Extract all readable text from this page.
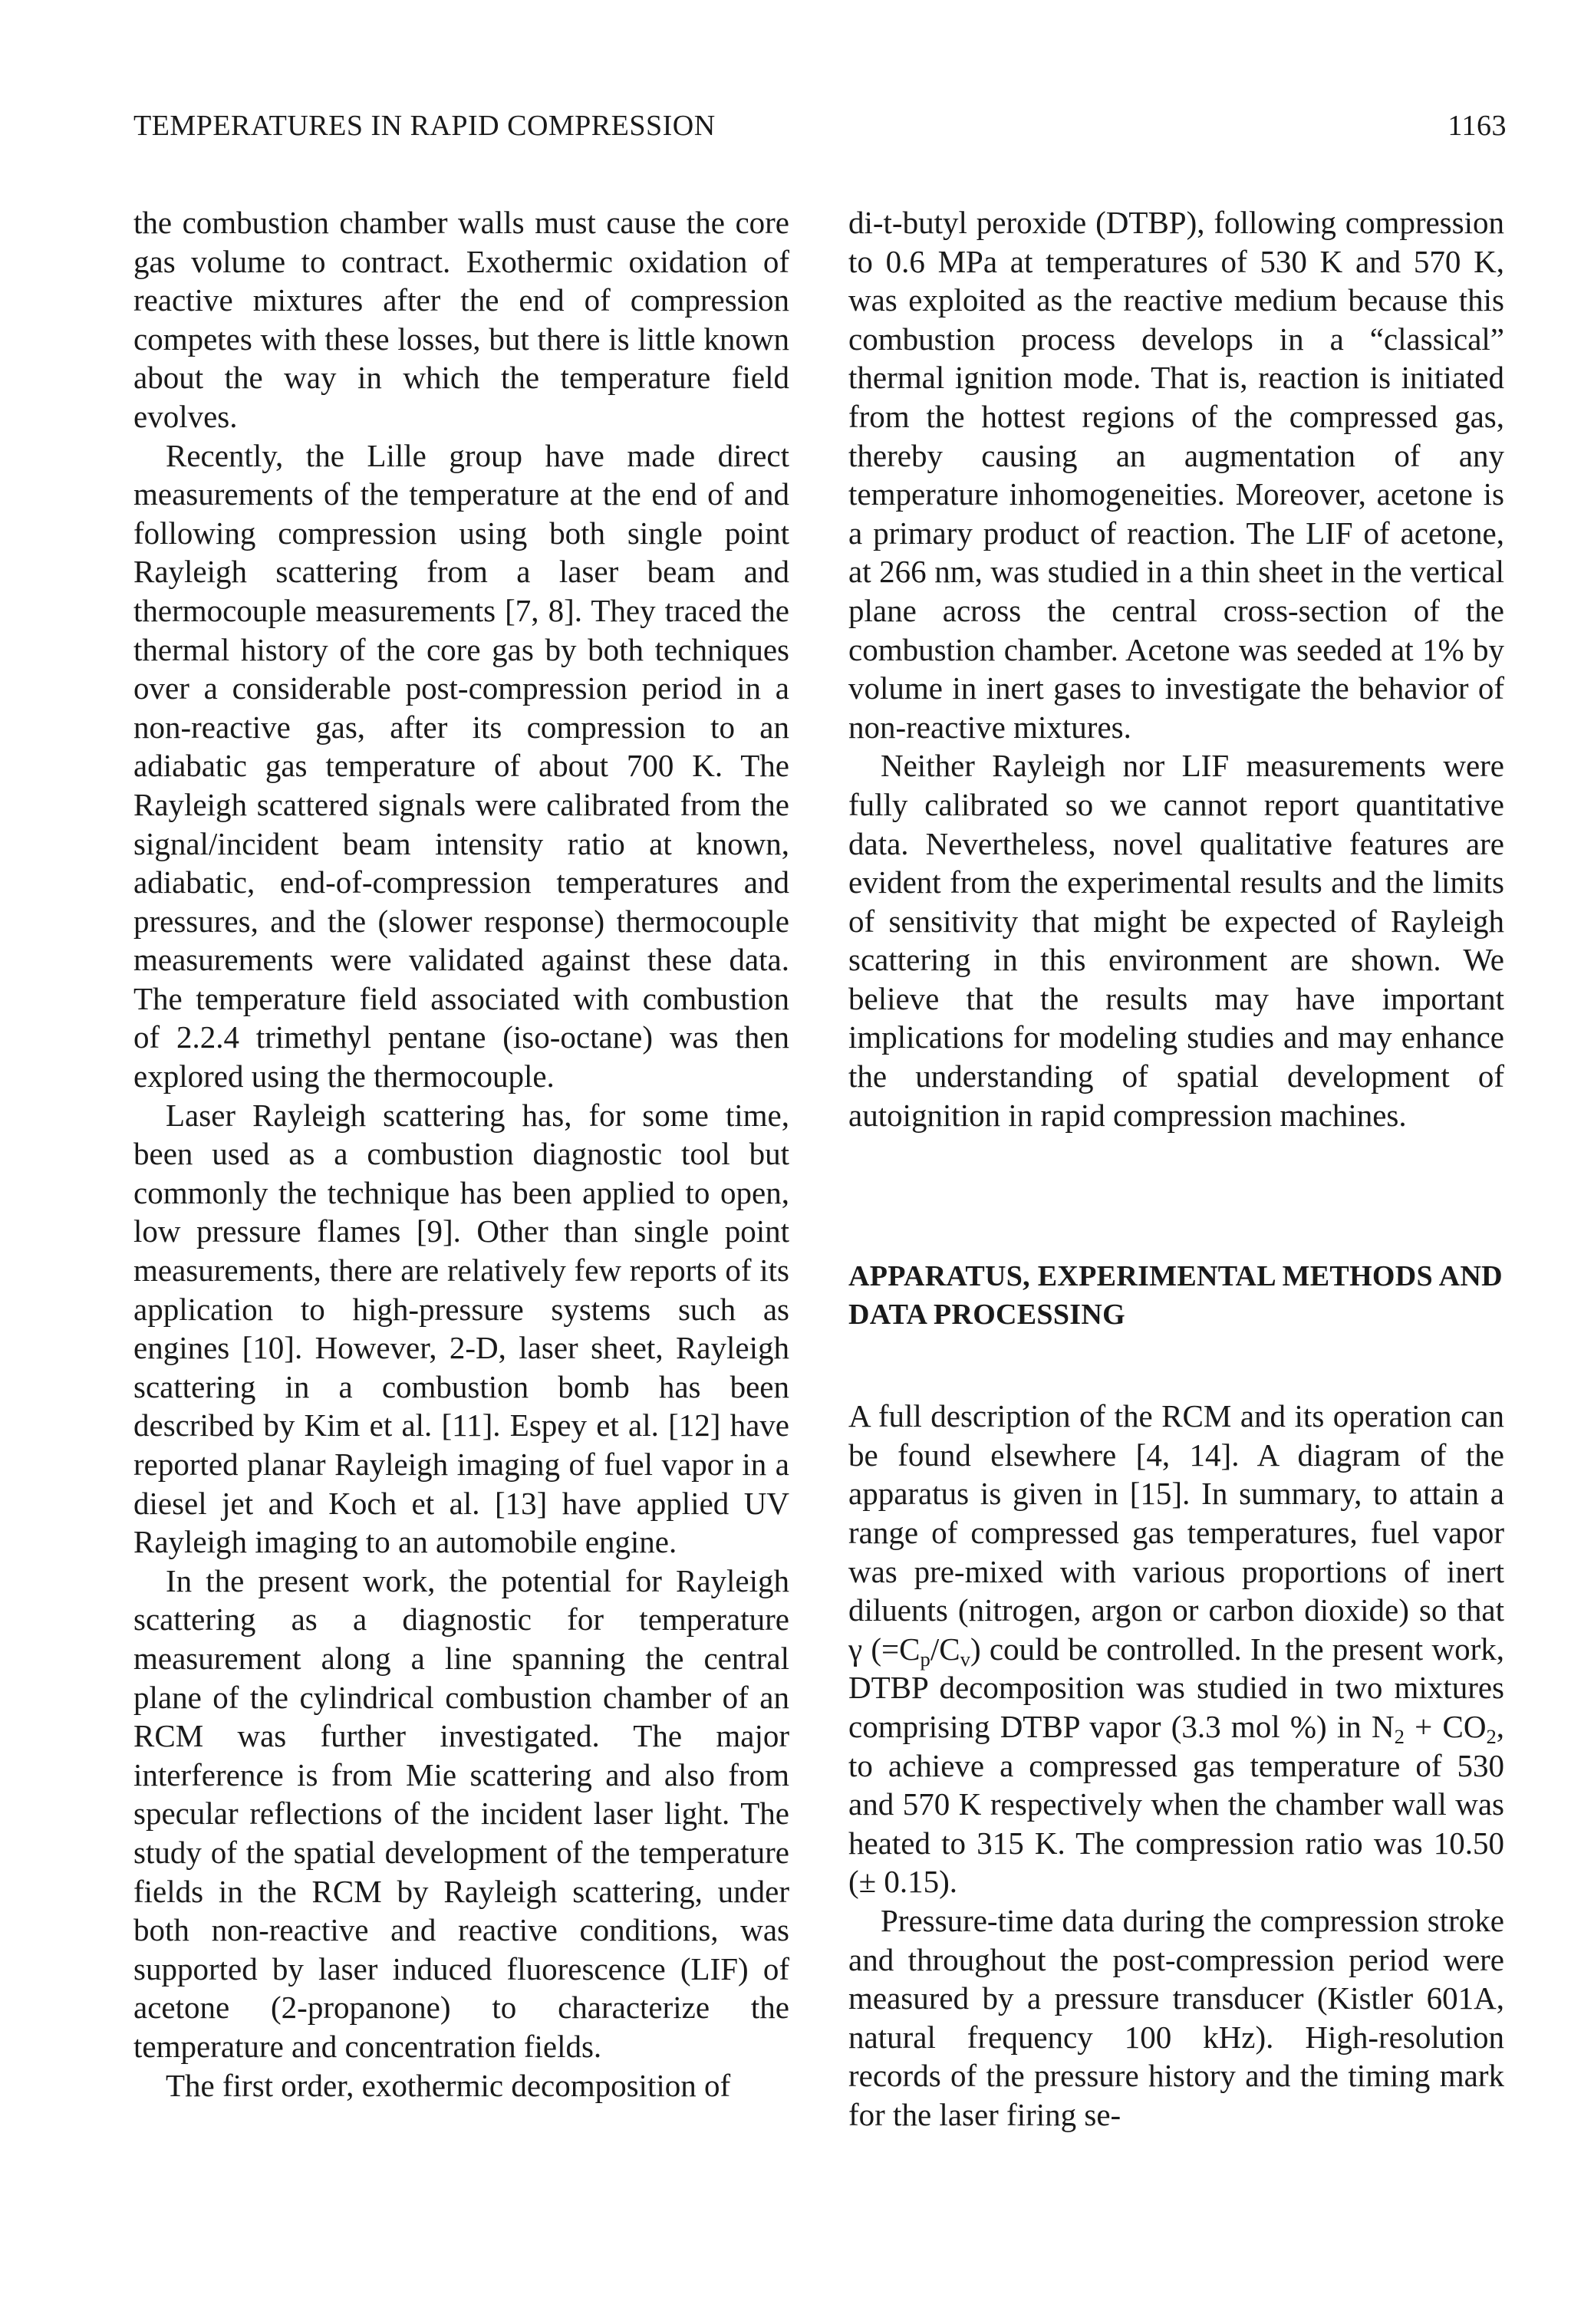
TEMPERATURES IN RAPID COMPRESSION	1163

the combustion chamber walls must cause the core gas volume to contract. Exothermic oxidation of reactive mixtures after the end of compression competes with these losses, but there is little known about the way in which the temperature field evolves.

Recently, the Lille group have made direct measurements of the temperature at the end of and following compression using both single point Rayleigh scattering from a laser beam and thermocouple measurements [7, 8]. They traced the thermal history of the core gas by both techniques over a considerable post-compression period in a non-reactive gas, after its compression to an adiabatic gas temperature of about 700 K. The Rayleigh scattered signals were calibrated from the signal/incident beam intensity ratio at known, adiabatic, end-of-compression temperatures and pressures, and the (slower response) thermocouple measurements were validated against these data. The temperature field associated with combustion of 2.2.4 trimethyl pentane (iso-octane) was then explored using the thermocouple.

Laser Rayleigh scattering has, for some time, been used as a combustion diagnostic tool but commonly the technique has been applied to open, low pressure flames [9]. Other than single point measurements, there are relatively few reports of its application to high-pressure systems such as engines [10]. However, 2-D, laser sheet, Rayleigh scattering in a combustion bomb has been described by Kim et al. [11]. Espey et al. [12] have reported planar Rayleigh imaging of fuel vapor in a diesel jet and Koch et al. [13] have applied UV Rayleigh imaging to an automobile engine.

In the present work, the potential for Rayleigh scattering as a diagnostic for temperature measurement along a line spanning the central plane of the cylindrical combustion chamber of an RCM was further investigated. The major interference is from Mie scattering and also from specular reflections of the incident laser light. The study of the spatial development of the temperature fields in the RCM by Rayleigh scattering, under both non-reactive and reactive conditions, was supported by laser induced fluorescence (LIF) of acetone (2-propanone) to characterize the temperature and concentration fields.

The first order, exothermic decomposition of

di-t-butyl peroxide (DTBP), following compression to 0.6 MPa at temperatures of 530 K and 570 K, was exploited as the reactive medium because this combustion process develops in a “classical” thermal ignition mode. That is, reaction is initiated from the hottest regions of the compressed gas, thereby causing an augmentation of any temperature inhomogeneities. Moreover, acetone is a primary product of reaction. The LIF of acetone, at 266 nm, was studied in a thin sheet in the vertical plane across the central cross-section of the combustion chamber. Acetone was seeded at 1% by volume in inert gases to investigate the behavior of non-reactive mixtures.

Neither Rayleigh nor LIF measurements were fully calibrated so we cannot report quantitative data. Nevertheless, novel qualitative features are evident from the experimental results and the limits of sensitivity that might be expected of Rayleigh scattering in this environment are shown. We believe that the results may have important implications for modeling studies and may enhance the understanding of spatial development of autoignition in rapid compression machines.

APPARATUS, EXPERIMENTAL METHODS AND DATA PROCESSING

A full description of the RCM and its operation can be found elsewhere [4, 14]. A diagram of the apparatus is given in [15]. In summary, to attain a range of compressed gas temperatures, fuel vapor was pre-mixed with various proportions of inert diluents (nitrogen, argon or carbon dioxide) so that γ $(=C_p/C_v)$ could be controlled. In the present work, DTBP decomposition was studied in two mixtures comprising DTBP vapor (3.3 mol %) in $N_2 + CO_2$, to achieve a compressed gas temperature of 530 and 570 K respectively when the chamber wall was heated to 315 K. The compression ratio was 10.50 (± 0.15).

Pressure-time data during the compression stroke and throughout the post-compression period were measured by a pressure transducer (Kistler 601A, natural frequency 100 kHz). High-resolution records of the pressure history and the timing mark for the laser firing se-
